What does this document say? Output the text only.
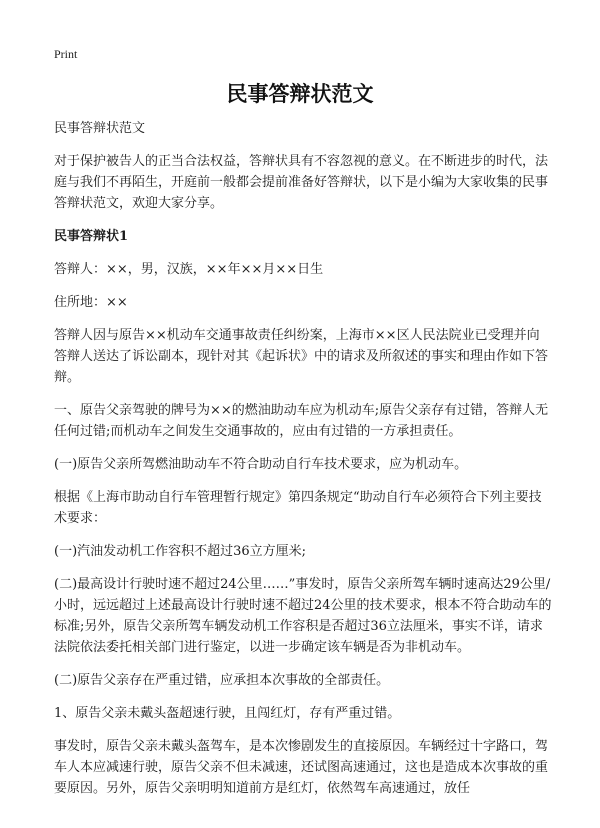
Print
民事答辩状范文

民事答辩状范文

对于保护被告人的正当合法权益，答辩状具有不容忽视的意义。在不断进步的时代，法庭与我们不再陌生，开庭前一般都会提前准备好答辩状，以下是小编为大家收集的民事答辩状范文，欢迎大家分享。

民事答辩状1

答辩人：××，男，汉族，××年××月××日生

住所地：××

答辩人因与原告××机动车交通事故责任纠纷案，上海市××区人民法院业已受理并向答辩人送达了诉讼副本，现针对其《起诉状》中的请求及所叙述的事实和理由作如下答辩。

一、原告父亲驾驶的牌号为××的燃油助动车应为机动车;原告父亲存有过错，答辩人无任何过错;而机动车之间发生交通事故的，应由有过错的一方承担责任。

(一)原告父亲所驾燃油助动车不符合助动自行车技术要求，应为机动车。

根据《上海市助动自行车管理暂行规定》第四条规定“助动自行车必须符合下列主要技术要求：

(一)汽油发动机工作容积不超过36立方厘米;

(二)最高设计行驶时速不超过24公里……”事发时，原告父亲所驾车辆时速高达29公里/小时，远远超过上述最高设计行驶时速不超过24公里的技术要求，根本不符合助动车的标准;另外，原告父亲所驾车辆发动机工作容积是否超过36立法厘米，事实不详，请求法院依法委托相关部门进行鉴定，以进一步确定该车辆是否为非机动车。

(二)原告父亲存在严重过错，应承担本次事故的全部责任。

1、原告父亲未戴头盔超速行驶，且闯红灯，存有严重过错。

事发时，原告父亲未戴头盔驾车，是本次惨剧发生的直接原因。车辆经过十字路口，驾车人本应减速行驶，原告父亲不但未减速，还试图高速通过，这也是造成本次事故的重要原因。另外，原告父亲明明知道前方是红灯，依然驾车高速通过，放任
